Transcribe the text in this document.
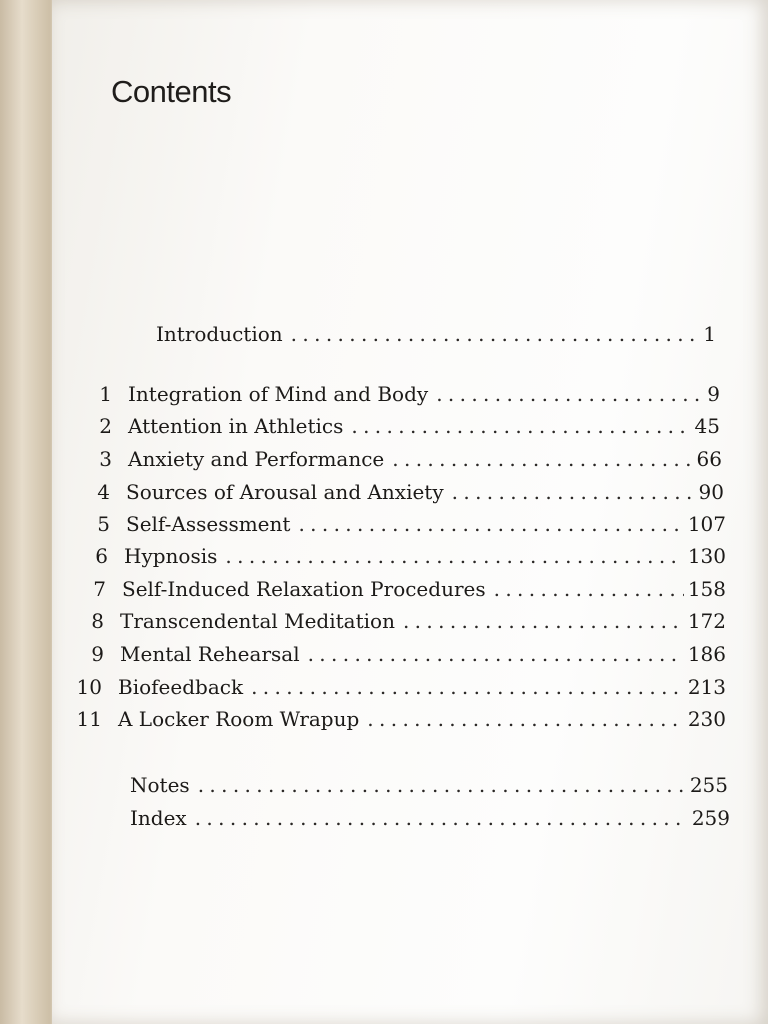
Contents
Introduction . . .	1
1 Integration of Mind and Body . . .	9
2 Attention in Athletics . . .	45
3 Anxiety and Performance . . .	66
4 Sources of Arousal and Anxiety . . .	90
5 Self-Assessment . . .	107
6 Hypnosis . . .	130
7 Self-Induced Relaxation Procedures . . .	158
8 Transcendental Meditation . . .	172
9 Mental Rehearsal . . .	186
10 Biofeedback . . .	213
11 A Locker Room Wrapup . . .	230
Notes . . .	255
Index . . .	259
